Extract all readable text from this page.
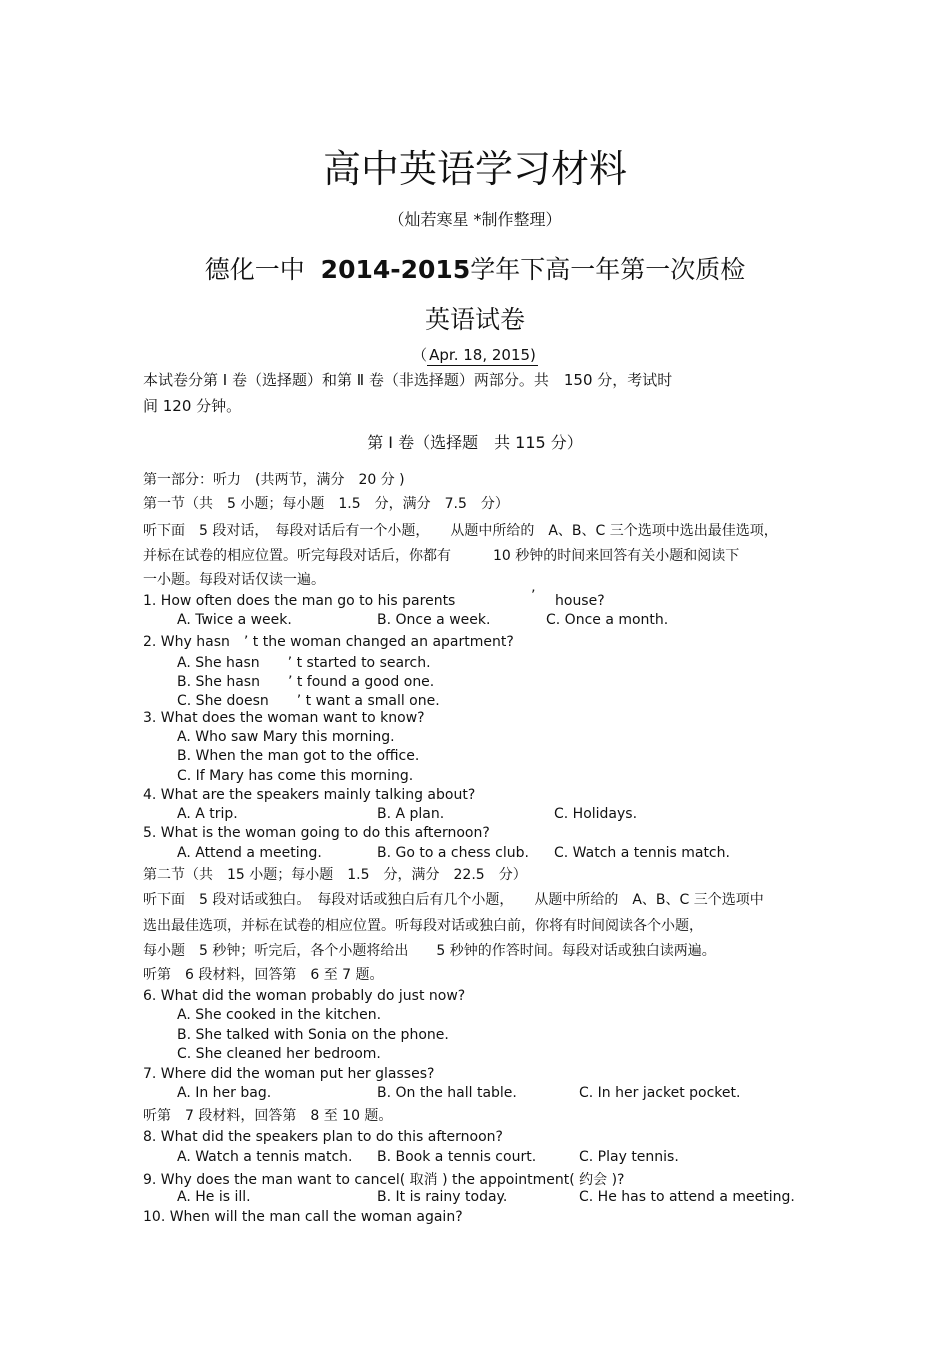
高中英语学习材料
（灿若寒星 *制作整理）
德化一中 2014-2015学年下高一年第一次质检
英语试卷
（ Apr. 18, 2015)
本试卷分第 Ⅰ 卷（选择题）和第 Ⅱ 卷（非选择题）两部分。共　150 分，考试时
间 120 分钟。
第 Ⅰ 卷（选择题　共 115 分）
第一部分：听力　(共两节，满分　20 分 )
第一节（共　5 小题；每小题　1.5　分，满分　7.5　分）
听下面　5 段对话，　每段对话后有一个小题，　　从题中所给的　A、B、C 三个选项中选出最佳选项，
并标在试卷的相应位置。听完每段对话后，你都有　　　10 秒钟的时间来回答有关小题和阅读下
一小题。每段对话仅读一遍。
1. How often does the man go to his parents	’ house?
A. Twice a week.	B. Once a week.	C. Once a month.
2. Why hasn　’ t the woman changed an apartment?
A. She hasn　　’ t started to search.
B. She hasn　　’ t found a good one.
C. She doesn　　’ t want a small one.
3. What does the woman want to know?
A. Who saw Mary this morning.
B. When the man got to the office.
C. If Mary has come this morning.
4. What are the speakers mainly talking about?
A. A trip.	B. A plan.	C. Holidays.
5. What is the woman going to do this afternoon?
A. Attend a meeting.	B. Go to a chess club. C. Watch a tennis match.
第二节（共　15 小题；每小题　1.5　分，满分　22.5　分）
听下面　5 段对话或独白。　每段对话或独白后有几个小题，　　从题中所给的　A、B、C 三个选项中
选出最佳选项，并标在试卷的相应位置。听每段对话或独白前，你将有时间阅读各个小题，
每小题　5 秒钟；听完后，各个小题将给出　　5 秒钟的作答时间。每段对话或独白读两遍。
听第　6 段材料，回答第　6 至 7 题。
6. What did the woman probably do just now?
A. She cooked in the kitchen.
B. She talked with Sonia on the phone.
C. She cleaned her bedroom.
7. Where did the woman put her glasses?
A. In her bag.	B. On the hall table.	C. In her jacket pocket.
听第　7 段材料，回答第　8 至 10 题。
8. What did the speakers plan to do this afternoon?
A. Watch a tennis match. B. Book a tennis court.	C. Play tennis.
9. Why does the man want to cancel( 取消 ) the appointment( 约会 )?
A. He is ill.	B. It is rainy today.	C. He has to attend a meeting.
10. When will the man call the woman again?
